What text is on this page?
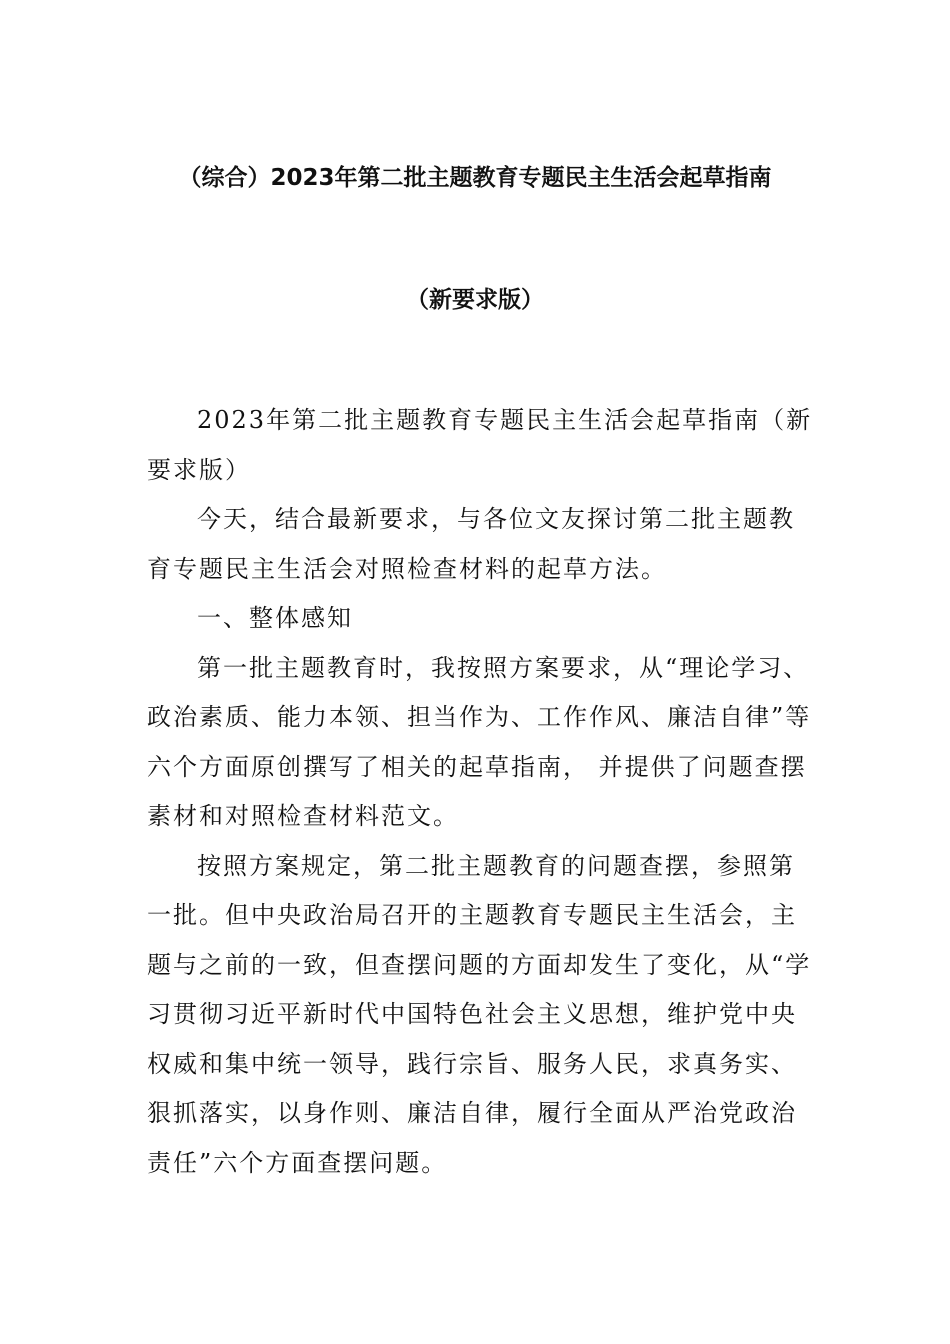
（综合）2023年第二批主题教育专题民主生活会起草指南
（新要求版）

2023年第二批主题教育专题民主生活会起草指南（新要求版）

今天，结合最新要求，与各位文友探讨第二批主题教育专题民主生活会对照检查材料的起草方法。

一、整体感知

第一批主题教育时，我按照方案要求，从“理论学习、政治素质、能力本领、担当作为、工作作风、廉洁自律”等六个方面原创撰写了相关的起草指南， 并提供了问题查摆素材和对照检查材料范文。

按照方案规定，第二批主题教育的问题查摆，参照第一批。但中央政治局召开的主题教育专题民主生活会，主题与之前的一致，但查摆问题的方面却发生了变化，从“学习贯彻习近平新时代中国特色社会主义思想，维护党中央权威和集中统一领导，践行宗旨、服务人民，求真务实、狠抓落实，以身作则、廉洁自律，履行全面从严治党政治责任”六个方面查摆问题。
